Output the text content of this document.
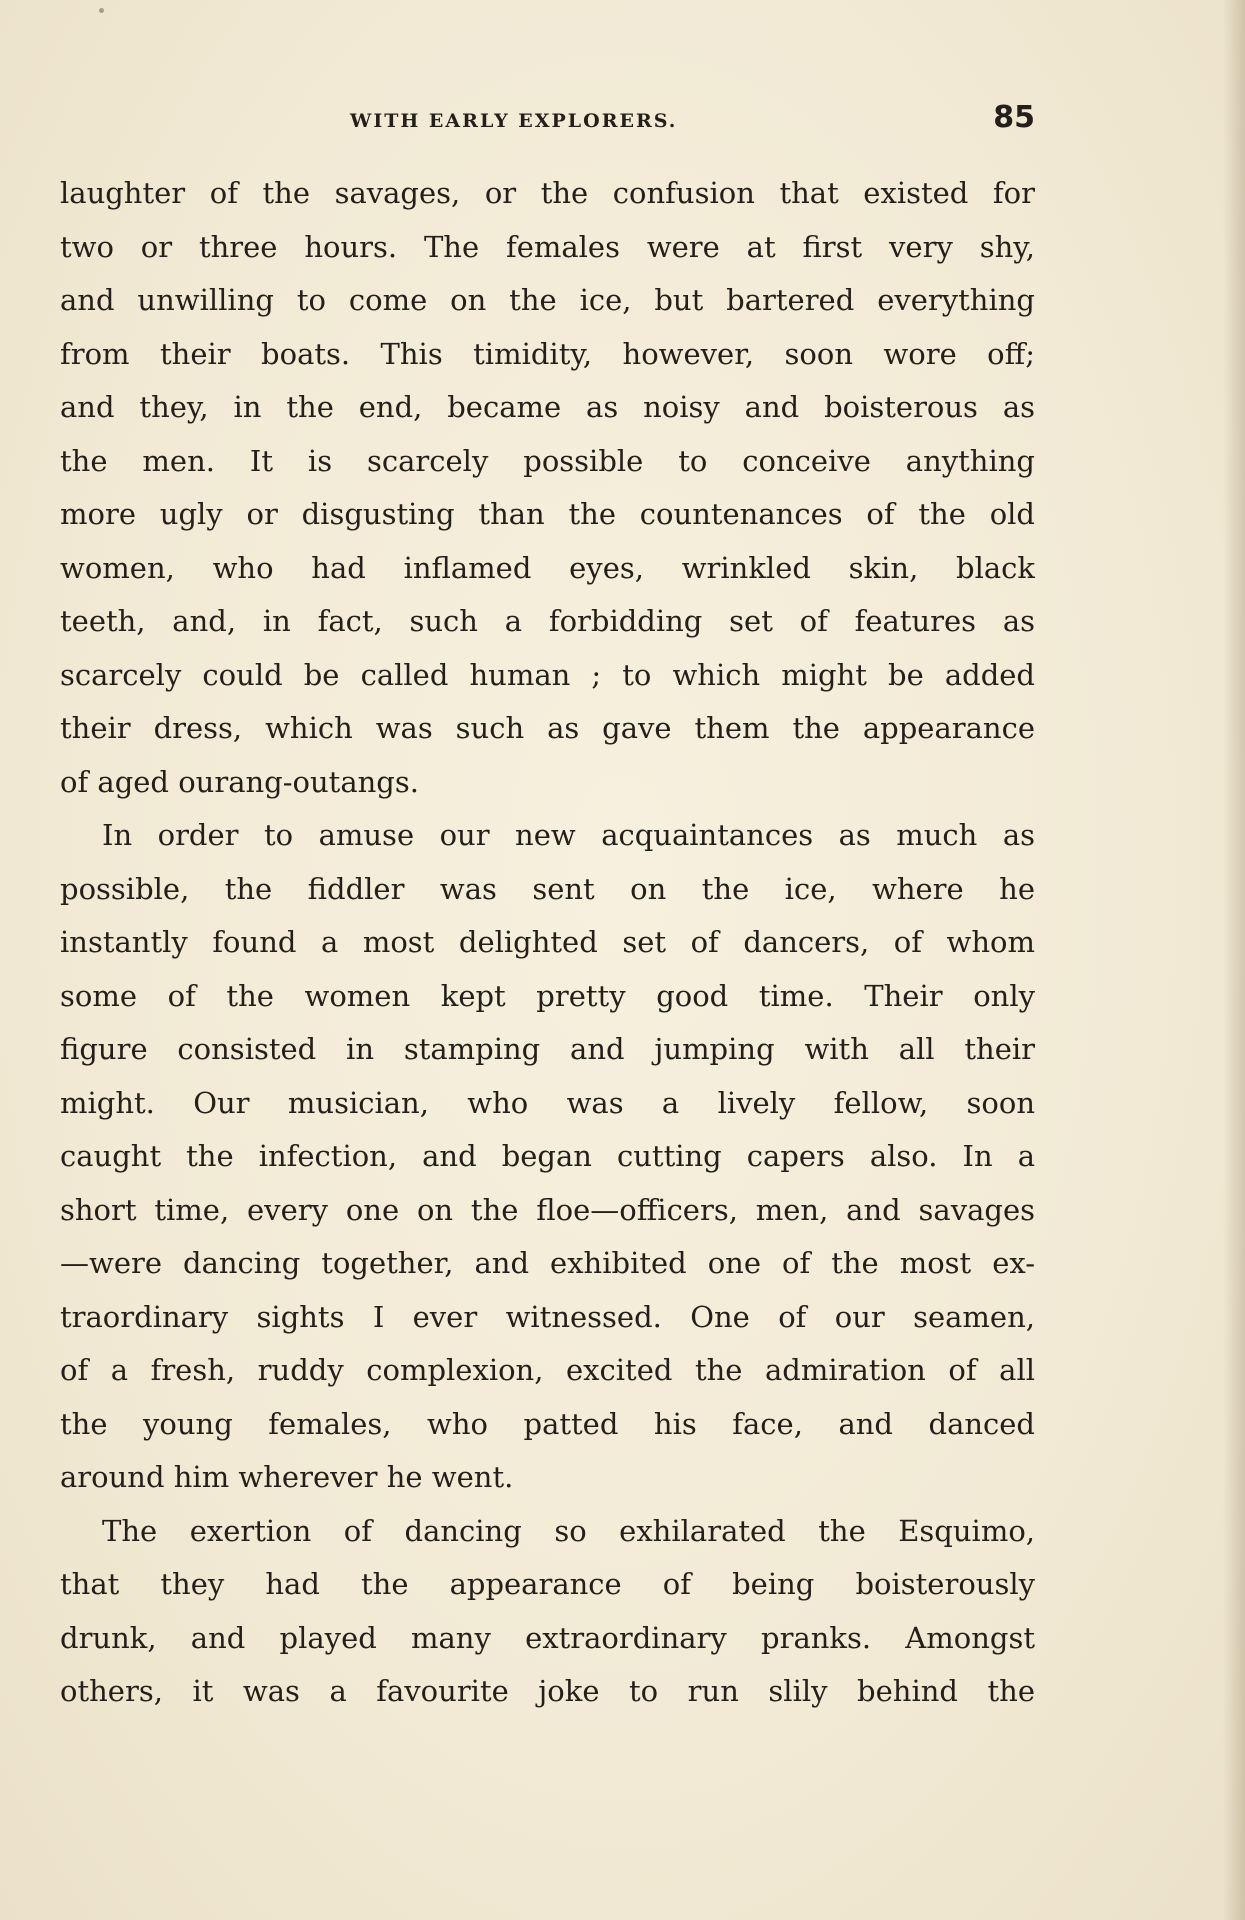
WITH EARLY EXPLORERS.	85
laughter of the savages, or the confusion that existed for
two or three hours. The females were at first very shy,
and unwilling to come on the ice, but bartered everything
from their boats. This timidity, however, soon wore off;
and they, in the end, became as noisy and boisterous as
the men. It is scarcely possible to conceive anything
more ugly or disgusting than the countenances of the old
women, who had inflamed eyes, wrinkled skin, black
teeth, and, in fact, such a forbidding set of features as
scarcely could be called human ; to which might be added
their dress, which was such as gave them the appearance
of aged ourang-outangs.
In order to amuse our new acquaintances as much as
possible, the fiddler was sent on the ice, where he
instantly found a most delighted set of dancers, of whom
some of the women kept pretty good time. Their only
figure consisted in stamping and jumping with all their
might. Our musician, who was a lively fellow, soon
caught the infection, and began cutting capers also. In a
short time, every one on the floe—officers, men, and savages
—were dancing together, and exhibited one of the most ex-
traordinary sights I ever witnessed. One of our seamen,
of a fresh, ruddy complexion, excited the admiration of all
the young females, who patted his face, and danced
around him wherever he went.
The exertion of dancing so exhilarated the Esquimo,
that they had the appearance of being boisterously
drunk, and played many extraordinary pranks. Amongst
others, it was a favourite joke to run slily behind the
